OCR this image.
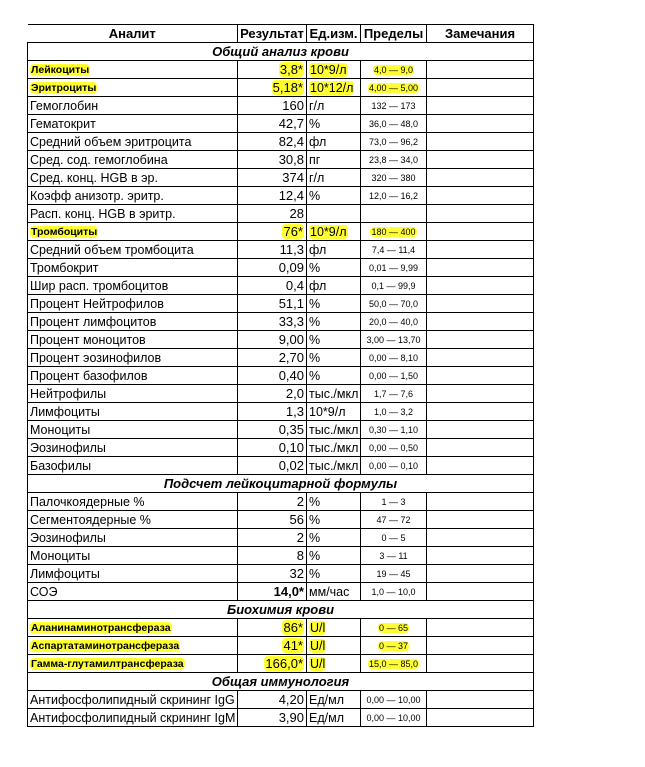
Аналит	Результат	Ед.изм.	Пределы	Замечания
Общий анализ крови				
Лейкоциты	3,8*	10*9/л	4,0 — 9,0	
Эритроциты	5,18*	10*12/л	4,00 — 5,00	
Гемоглобин	160	г/л	132 — 173	
Гематокрит	42,7	%	36,0 — 48,0	
Средний объем эритроцита	82,4	фл	73,0 — 96,2	
Сред. сод. гемоглобина	30,8	пг	23,8 — 34,0	
Сред. конц. HGB в эр.	374	г/л	320 — 380	
Коэфф анизотр. эритр.	12,4	%	12,0 — 16,2	
Расп. конц. HGB в эритр.	28			
Тромбоциты	76*	10*9/л	180 — 400	
Средний объем тромбоцита	11,3	фл	7,4 — 11,4	
Тромбокрит	0,09	%	0,01 — 9,99	
Шир расп. тромбоцитов	0,4	фл	0,1 — 99,9	
Процент Нейтрофилов	51,1	%	50,0 — 70,0	
Процент лимфоцитов	33,3	%	20,0 — 40,0	
Процент моноцитов	9,00	%	3,00 — 13,70	
Процент эозинофилов	2,70	%	0,00 — 8,10	
Процент базофилов	0,40	%	0,00 — 1,50	
Нейтрофилы	2,0	тыс./мкл	1,7 — 7,6	
Лимфоциты	1,3	10*9/л	1,0 — 3,2	
Моноциты	0,35	тыс./мкл	0,30 — 1,10	
Эозинофилы	0,10	тыс./мкл	0,00 — 0,50	
Базофилы	0,02	тыс./мкл	0,00 — 0,10	
Подсчет лейкоцитарной формулы				
Палочкоядерные %	2	%	1 — 3	
Сегментоядерные %	56	%	47 — 72	
Эозинофилы	2	%	0 — 5	
Моноциты	8	%	3 — 11	
Лимфоциты	32	%	19 — 45	
СОЭ	14,0*	мм/час	1,0 — 10,0	
Биохимия крови				
Аланинаминотрансфераза	86*	U/l	0 — 65	
Аспартатаминотрансфераза	41*	U/l	0 — 37	
Гамма-глутамилтрансфераза	166,0*	U/l	15,0 — 85,0	
Общая иммунология				
Антифосфолипидный скрининг IgG	4,20	Ед/мл	0,00 — 10,00	
Антифосфолипидный скрининг IgM	3,90	Ед/мл	0,00 — 10,00	
